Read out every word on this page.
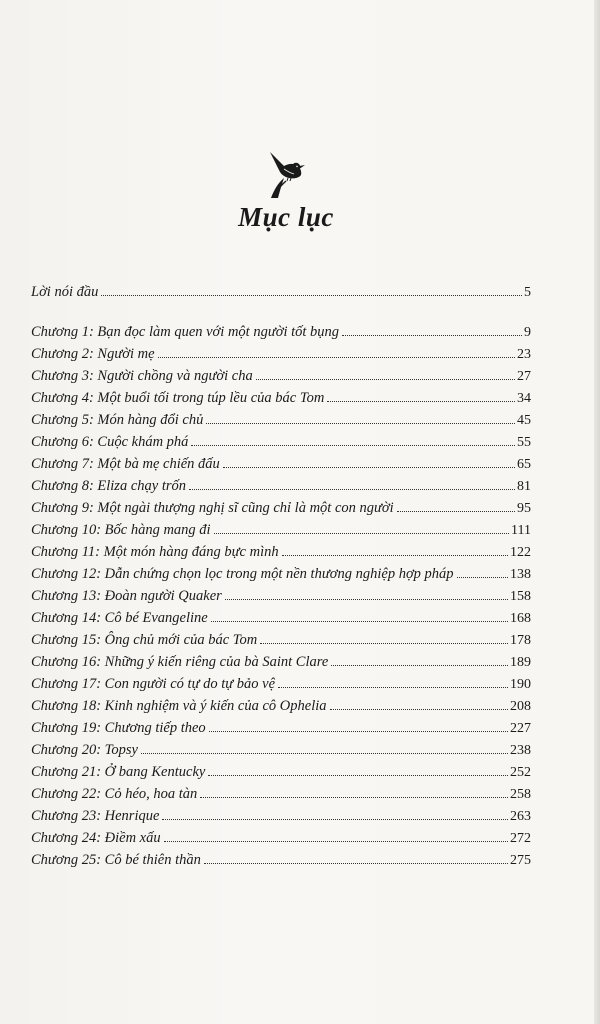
Mục lục
Lời nói đầu	5
Chương 1: Bạn đọc làm quen với một người tốt bụng	9
Chương 2: Người mẹ	23
Chương 3: Người chồng và người cha	27
Chương 4: Một buổi tối trong túp lều của bác Tom	34
Chương 5: Món hàng đổi chủ	45
Chương 6: Cuộc khám phá	55
Chương 7: Một bà mẹ chiến đấu	65
Chương 8: Eliza chạy trốn	81
Chương 9: Một ngài thượng nghị sĩ cũng chỉ là một con người	95
Chương 10: Bốc hàng mang đi	111
Chương 11: Một món hàng đáng bực mình	122
Chương 12: Dẫn chứng chọn lọc trong một nền thương nghiệp hợp pháp	138
Chương 13: Đoàn người Quaker	158
Chương 14: Cô bé Evangeline	168
Chương 15: Ông chủ mới của bác Tom	178
Chương 16: Những ý kiến riêng của bà Saint Clare	189
Chương 17: Con người có tự do tự bảo vệ	190
Chương 18: Kinh nghiệm và ý kiến của cô Ophelia	208
Chương 19: Chương tiếp theo	227
Chương 20: Topsy	238
Chương 21: Ở bang Kentucky	252
Chương 22: Cỏ héo, hoa tàn	258
Chương 23: Henrique	263
Chương 24: Điềm xấu	272
Chương 25: Cô bé thiên thần	275
